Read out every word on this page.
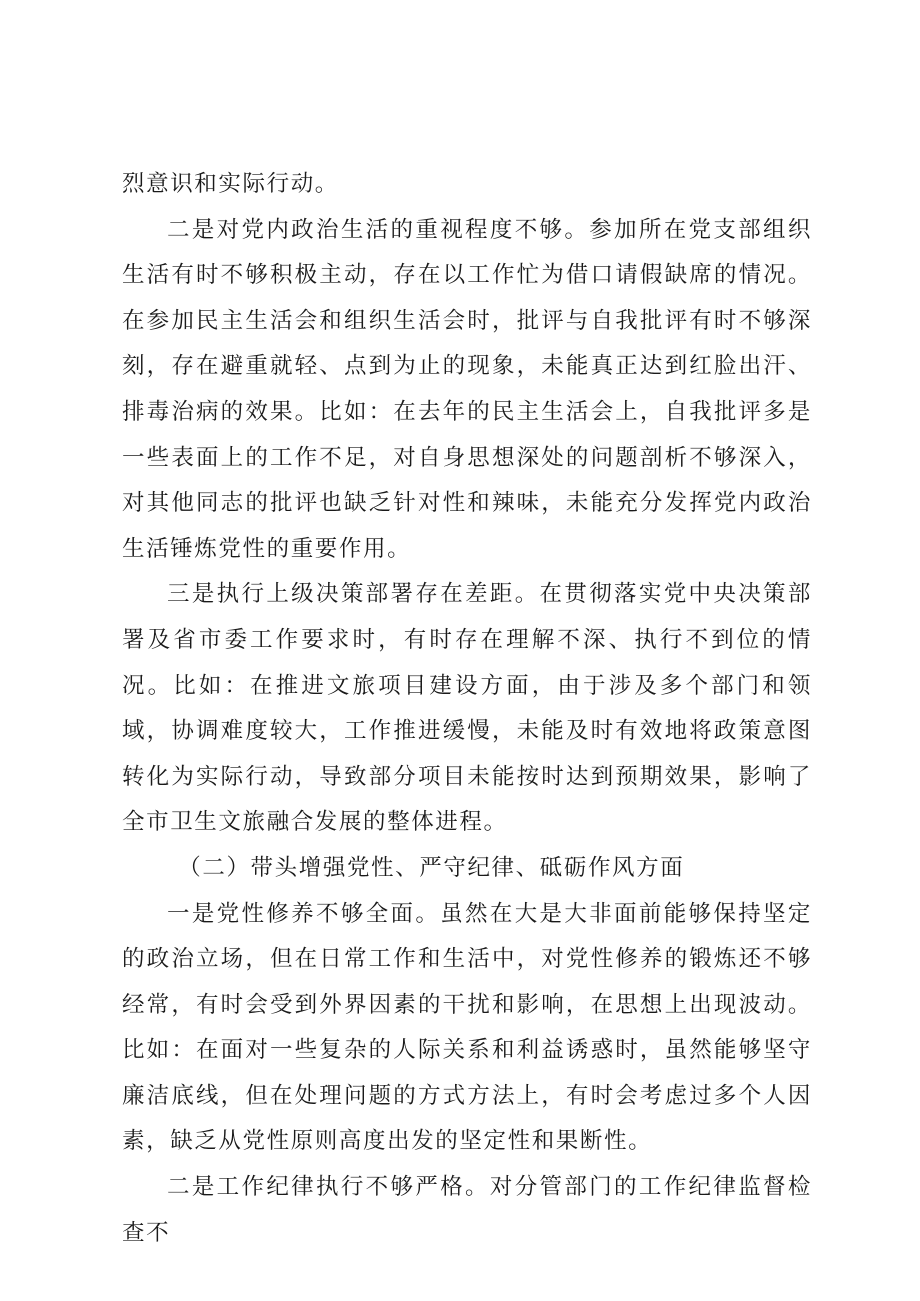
烈意识和实际行动。

二是对党内政治生活的重视程度不够。参加所在党支部组织生活有时不够积极主动，存在以工作忙为借口请假缺席的情况。在参加民主生活会和组织生活会时，批评与自我批评有时不够深刻，存在避重就轻、点到为止的现象，未能真正达到红脸出汗、排毒治病的效果。比如：在去年的民主生活会上，自我批评多是一些表面上的工作不足，对自身思想深处的问题剖析不够深入，对其他同志的批评也缺乏针对性和辣味，未能充分发挥党内政治生活锤炼党性的重要作用。

三是执行上级决策部署存在差距。在贯彻落实党中央决策部署及省市委工作要求时，有时存在理解不深、执行不到位的情况。比如：在推进文旅项目建设方面，由于涉及多个部门和领域，协调难度较大，工作推进缓慢，未能及时有效地将政策意图转化为实际行动，导致部分项目未能按时达到预期效果，影响了全市卫生文旅融合发展的整体进程。

（二）带头增强党性、严守纪律、砥砺作风方面

一是党性修养不够全面。虽然在大是大非面前能够保持坚定的政治立场，但在日常工作和生活中，对党性修养的锻炼还不够经常，有时会受到外界因素的干扰和影响，在思想上出现波动。比如：在面对一些复杂的人际关系和利益诱惑时，虽然能够坚守廉洁底线，但在处理问题的方式方法上，有时会考虑过多个人因素，缺乏从党性原则高度出发的坚定性和果断性。

二是工作纪律执行不够严格。对分管部门的工作纪律监督检查不
